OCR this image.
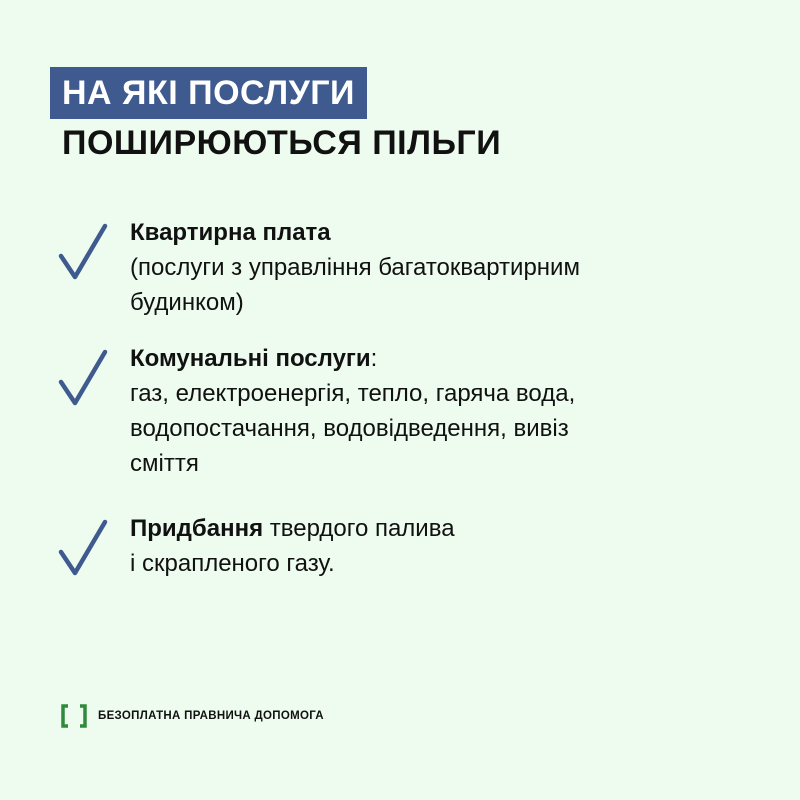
НА ЯКІ ПОСЛУГИ
ПОШИРЮЮТЬСЯ ПІЛЬГИ
Квартирна плата
(послуги з управління багатоквартирним
будинком)
Комунальні послуги:
газ, електроенергія, тепло, гаряча вода,
водопостачання, водовідведення, вивіз
сміття
Придбання твердого палива
і скрапленого газу.
БЕЗОПЛАТНА ПРАВНИЧА ДОПОМОГА
